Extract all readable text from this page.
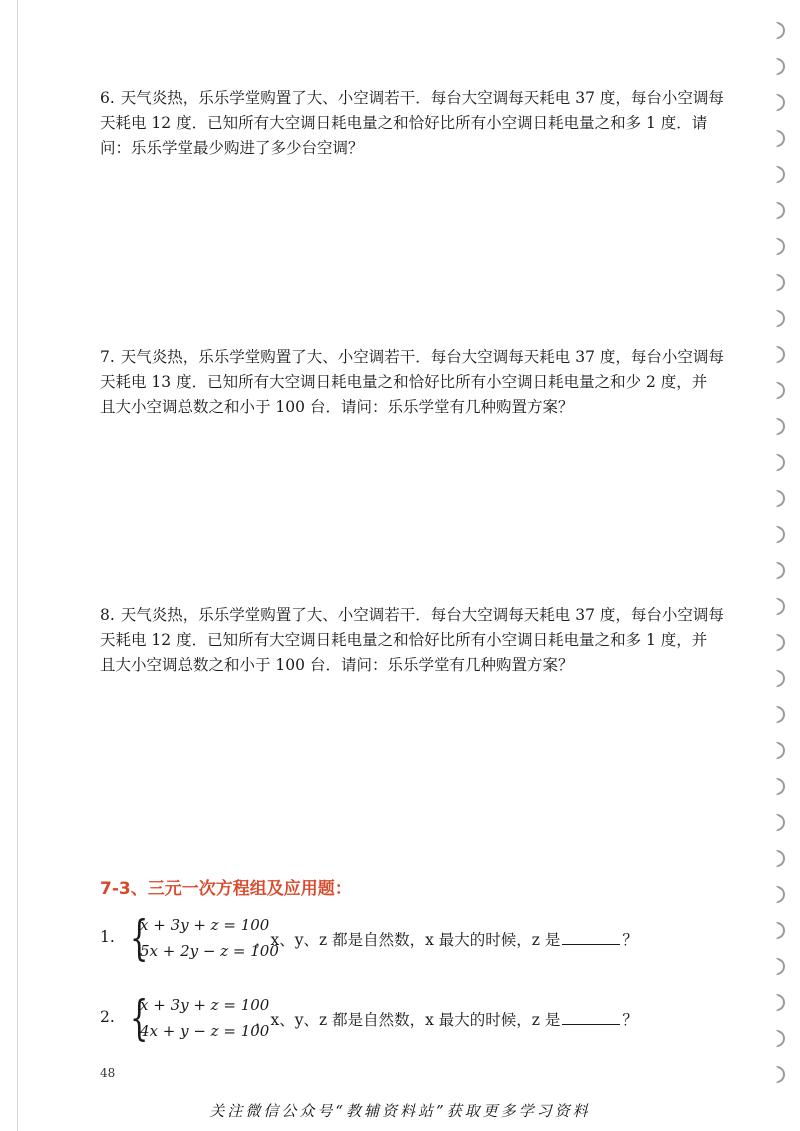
6. 天气炎热，乐乐学堂购置了大、小空调若干．每台大空调每天耗电 37 度，每台小空调每
天耗电 12 度．已知所有大空调日耗电量之和恰好比所有小空调日耗电量之和多 1 度．请
问：乐乐学堂最少购进了多少台空调？
7. 天气炎热，乐乐学堂购置了大、小空调若干．每台大空调每天耗电 37 度，每台小空调每
天耗电 13 度．已知所有大空调日耗电量之和恰好比所有小空调日耗电量之和少 2 度，并
且大小空调总数之和小于 100 台．请问：乐乐学堂有几种购置方案？
8. 天气炎热，乐乐学堂购置了大、小空调若干．每台大空调每天耗电 37 度，每台小空调每
天耗电 12 度．已知所有大空调日耗电量之和恰好比所有小空调日耗电量之和多 1 度，并
且大小空调总数之和小于 100 台．请问：乐乐学堂有几种购置方案？
7-3、三元一次方程组及应用题：
1. {
x + 3y + z = 100
5x + 2y − z = 100
，x、y、z 都是自然数，x 最大的时候，z 是	？
2. {
x + 3y + z = 100
4x + y − z = 100
，x、y、z 都是自然数，x 最大的时候，z 是	？
48
关注微信公众号“教辅资料站”获取更多学习资料
